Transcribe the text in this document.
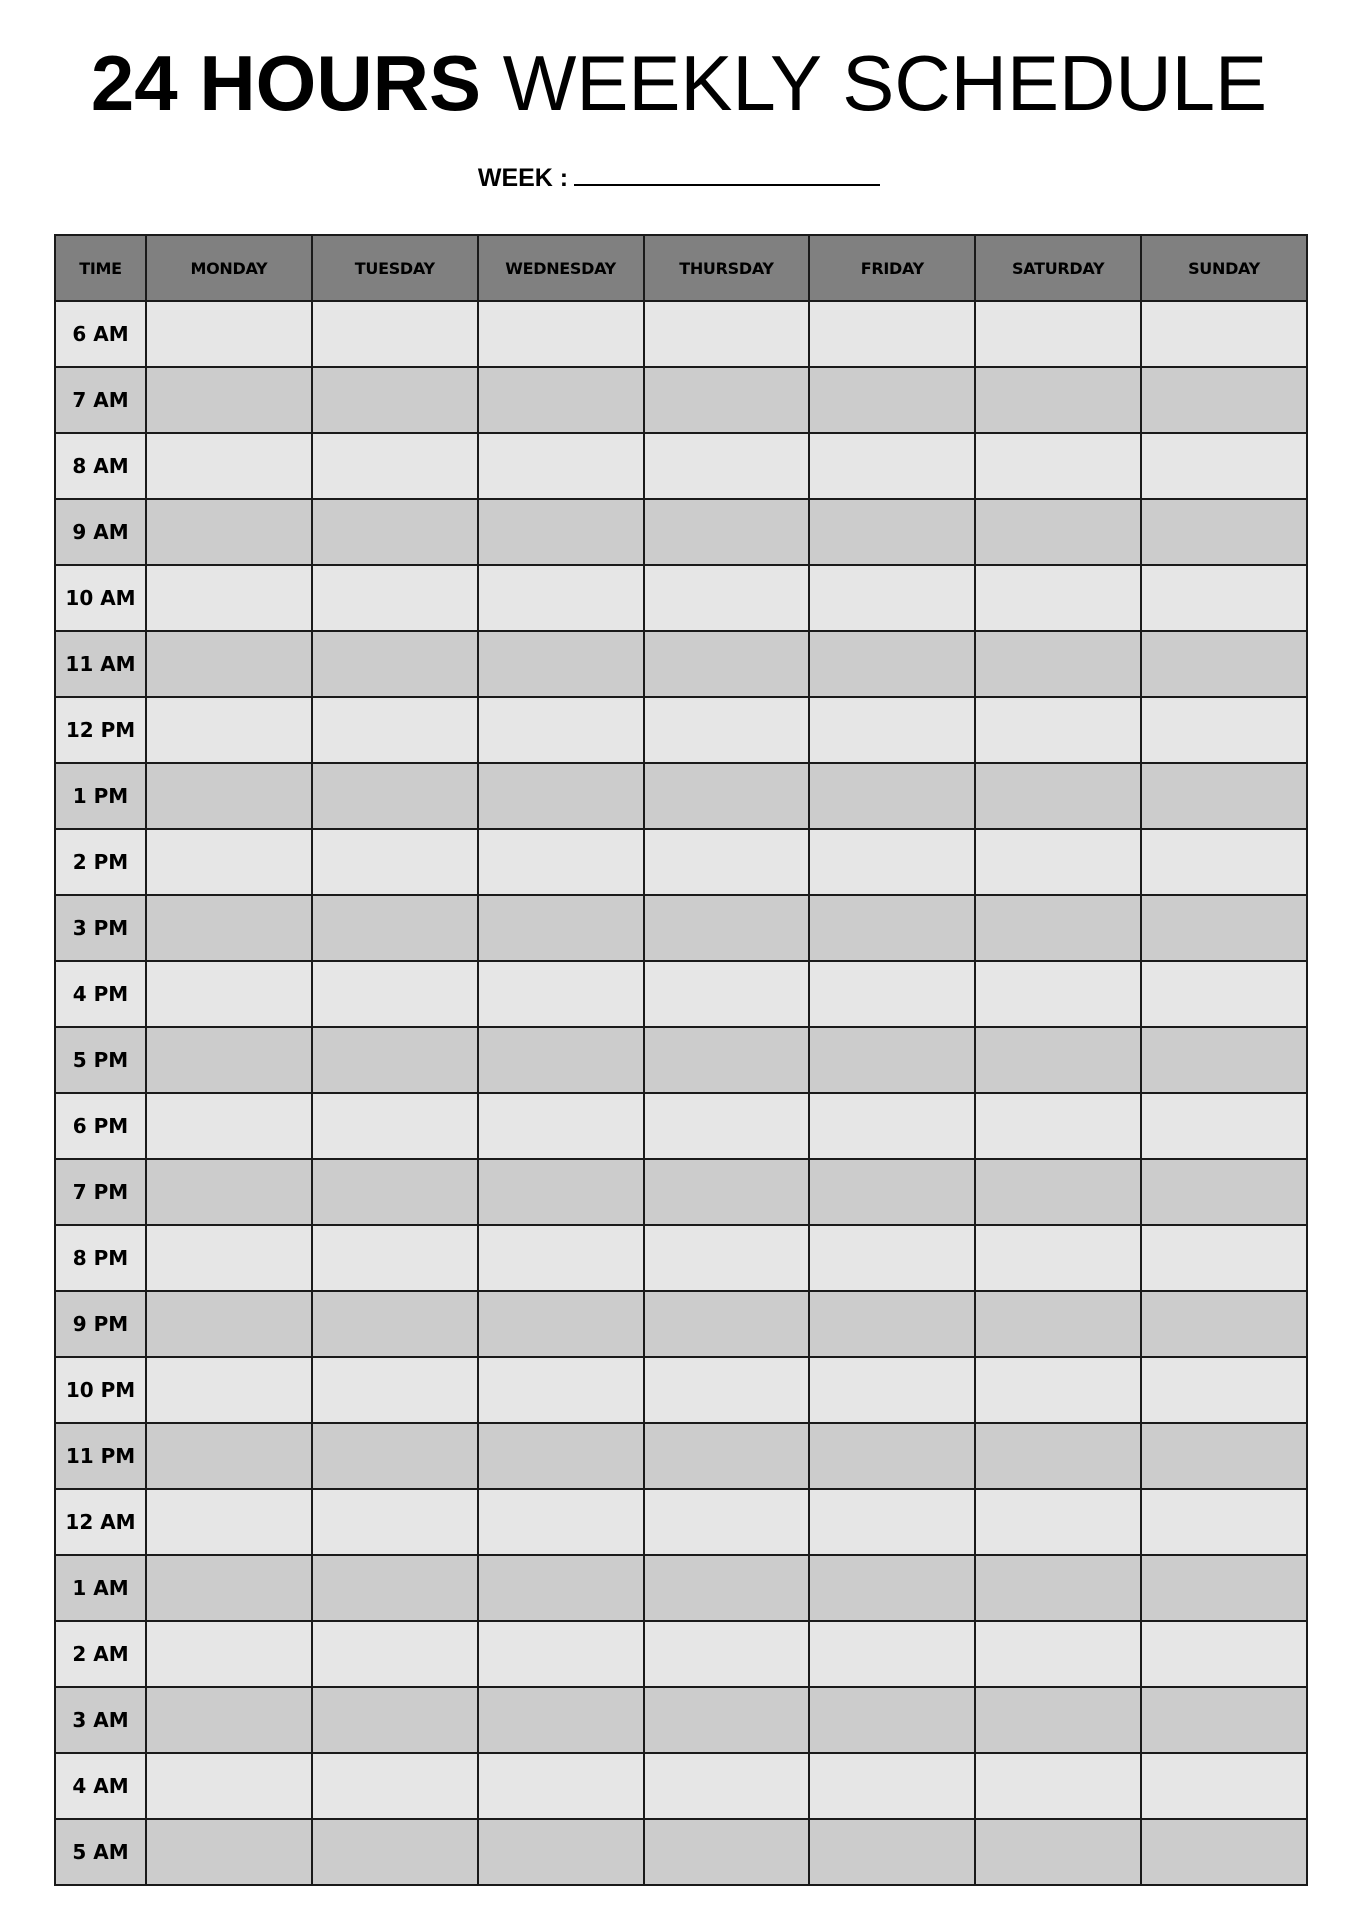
24 HOURS WEEKLY SCHEDULE
WEEK :
TIME	MONDAY	TUESDAY	WEDNESDAY	THURSDAY	FRIDAY	SATURDAY	SUNDAY
6 AM							
7 AM							
8 AM							
9 AM							
10 AM							
11 AM							
12 PM							
1 PM							
2 PM							
3 PM							
4 PM							
5 PM							
6 PM							
7 PM							
8 PM							
9 PM							
10 PM							
11 PM							
12 AM							
1 AM							
2 AM							
3 AM							
4 AM							
5 AM							
